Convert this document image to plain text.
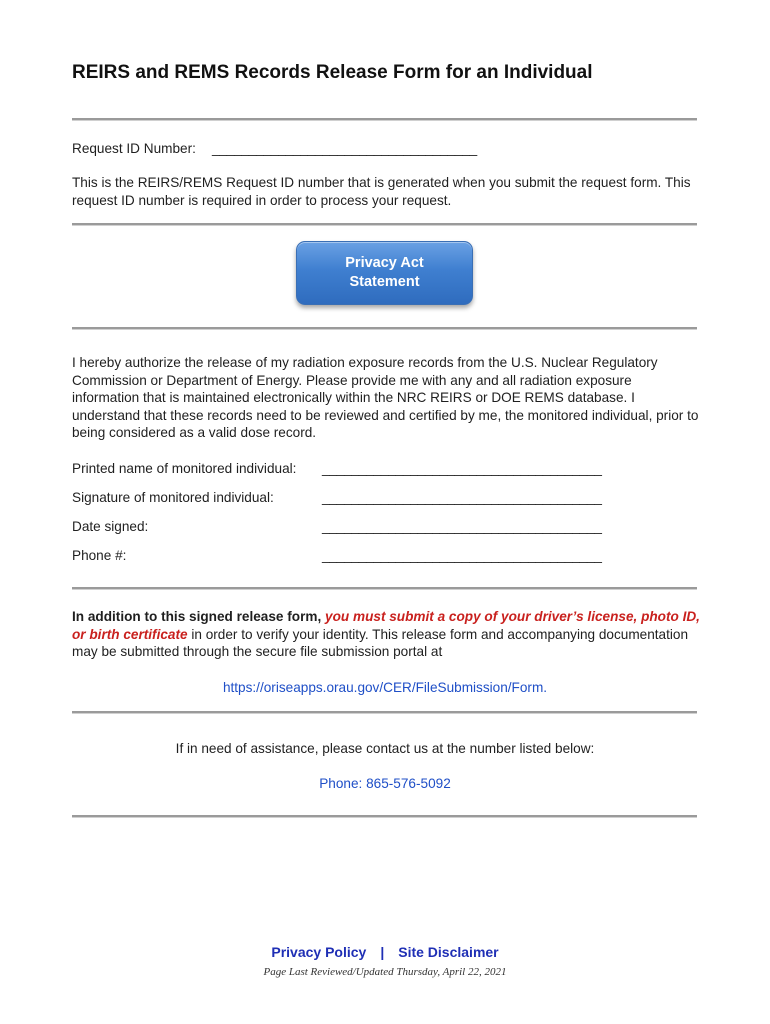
REIRS and REMS Records Release Form for an Individual
Request ID Number: ____________________________________
This is the REIRS/REMS Request ID number that is generated when you submit the request form. This request ID number is required in order to process your request.
Privacy Act Statement
I hereby authorize the release of my radiation exposure records from the U.S. Nuclear Regulatory Commission or Department of Energy. Please provide me with any and all radiation exposure information that is maintained electronically within the NRC REIRS or DOE REMS database. I understand that these records need to be reviewed and certified by me, the monitored individual, prior to being considered as a valid dose record.
Printed name of monitored individual: ______________________________________
Signature of monitored individual:	______________________________________
Date signed:	______________________________________
Phone #:	______________________________________
In addition to this signed release form, you must submit a copy of your driver’s license, photo ID, or birth certificate in order to verify your identity. This release form and accompanying documentation may be submitted through the secure file submission portal at
https://oriseapps.orau.gov/CER/FileSubmission/Form.
If in need of assistance, please contact us at the number listed below:
Phone: 865-576-5092
Privacy Policy | Site Disclaimer
Page Last Reviewed/Updated Thursday, April 22, 2021
